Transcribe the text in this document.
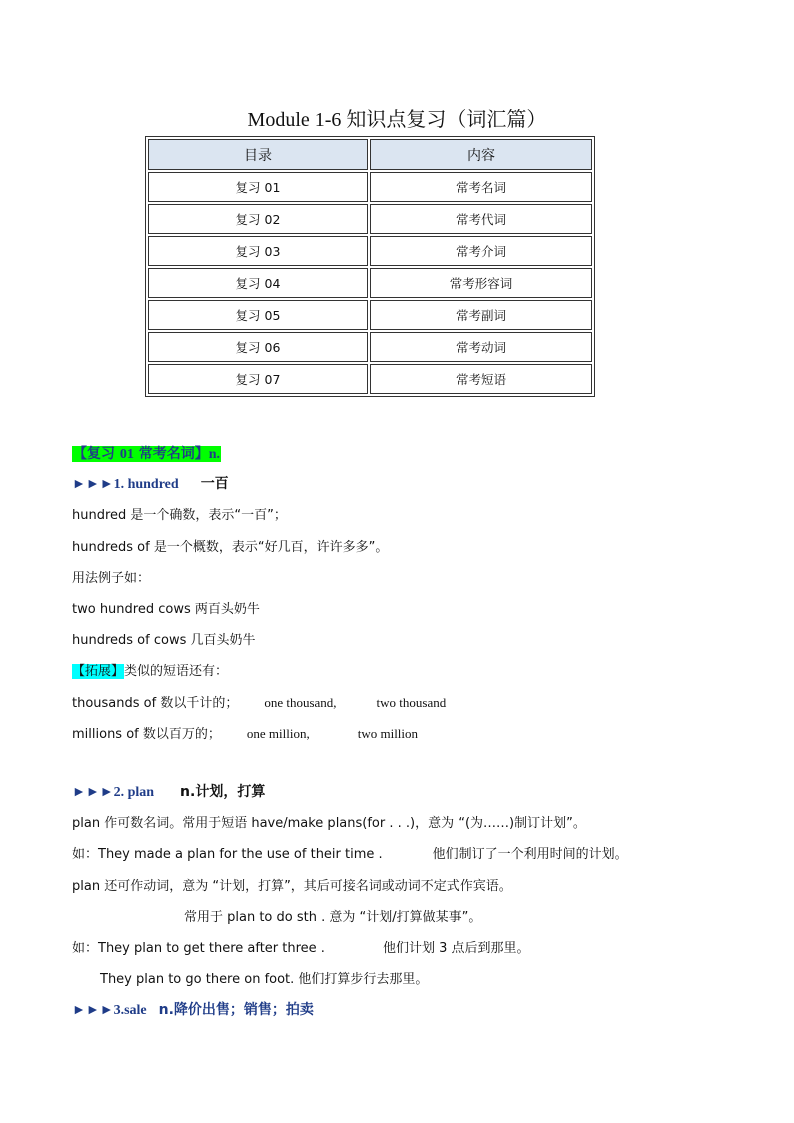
Module 1-6 知识点复习（词汇篇）
目录	内容
复习 01	常考名词
复习 02	常考代词
复习 03	常考介词
复习 04	常考形容词
复习 05	常考副词
复习 06	常考动词
复习 07	常考短语
【复习 01 常考名词】n.
►►►1. hundred 一百
hundred 是一个确数，表示“一百”；
hundreds of 是一个概数，表示“好几百，许许多多”。
用法例子如：
two hundred cows 两百头奶牛
hundreds of cows 几百头奶牛
【拓展】类似的短语还有：
thousands of 数以千计的； one thousand,	two thousand
millions of 数以百万的； one million,	two million
►►►2. plan n.计划，打算
plan 作可数名词。常用于短语 have/make plans(for . . .)，意为 “(为……)制订计划”。
如：They made a plan for the use of their time .	他们制订了一个利用时间的计划。
plan 还可作动词，意为 “计划，打算”，其后可接名词或动词不定式作宾语。
常用于 plan to do sth . 意为 “计划/打算做某事”。
如：They plan to get there after three .	他们计划 3 点后到那里。
They plan to go there on foot. 他们打算步行去那里。
►►►3.sale n.降价出售；销售；拍卖
